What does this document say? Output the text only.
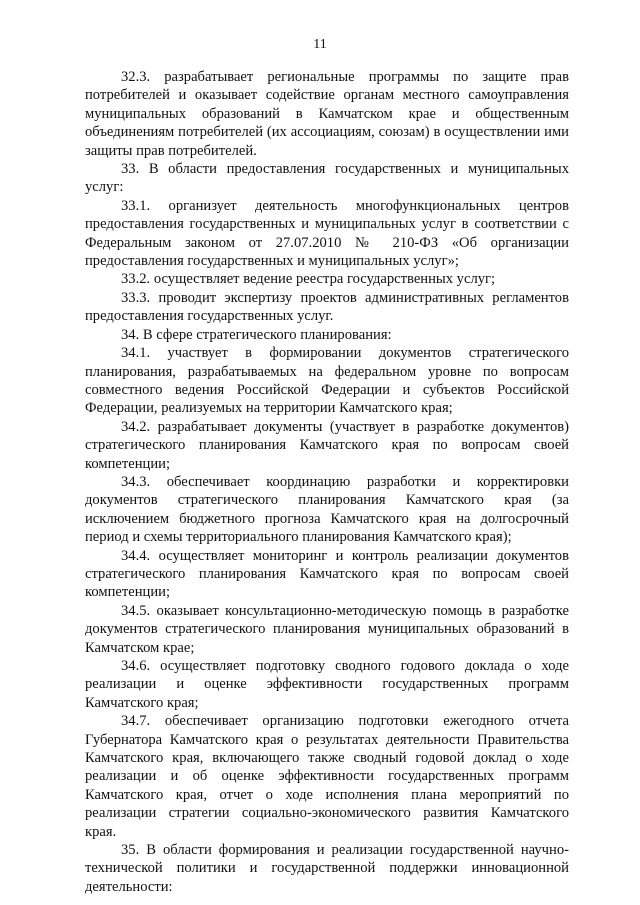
11

32.3. разрабатывает региональные программы по защите прав потребителей и оказывает содействие органам местного самоуправления муниципальных образований в Камчатском крае и общественным объединениям потребителей (их ассоциациям, союзам) в осуществлении ими защиты прав потребителей.

33. В области предоставления государственных и муниципальных услуг:

33.1. организует деятельность многофункциональных центров предоставления государственных и муниципальных услуг в соответствии с Федеральным законом от 27.07.2010 № 210-ФЗ «Об организации предоставления государственных и муниципальных услуг»;

33.2. осуществляет ведение реестра государственных услуг;

33.3. проводит экспертизу проектов административных регламентов предоставления государственных услуг.

34. В сфере стратегического планирования:

34.1. участвует в формировании документов стратегического планирования, разрабатываемых на федеральном уровне по вопросам совместного ведения Российской Федерации и субъектов Российской Федерации, реализуемых на территории Камчатского края;

34.2. разрабатывает документы (участвует в разработке документов) стратегического планирования Камчатского края по вопросам своей компетенции;

34.3. обеспечивает координацию разработки и корректировки документов стратегического планирования Камчатского края (за исключением бюджетного прогноза Камчатского края на долгосрочный период и схемы территориального планирования Камчатского края);

34.4. осуществляет мониторинг и контроль реализации документов стратегического планирования Камчатского края по вопросам своей компетенции;

34.5. оказывает консультационно-методическую помощь в разработке документов стратегического планирования муниципальных образований в Камчатском крае;

34.6. осуществляет подготовку сводного годового доклада о ходе реализации и оценке эффективности государственных программ Камчатского края;

34.7. обеспечивает организацию подготовки ежегодного отчета Губернатора Камчатского края о результатах деятельности Правительства Камчатского края, включающего также сводный годовой доклад о ходе реализации и об оценке эффективности государственных программ Камчатского края, отчет о ходе исполнения плана мероприятий по реализации стратегии социально-экономического развития Камчатского края.

35. В области формирования и реализации государственной научно-технической политики и государственной поддержки инновационной деятельности:
